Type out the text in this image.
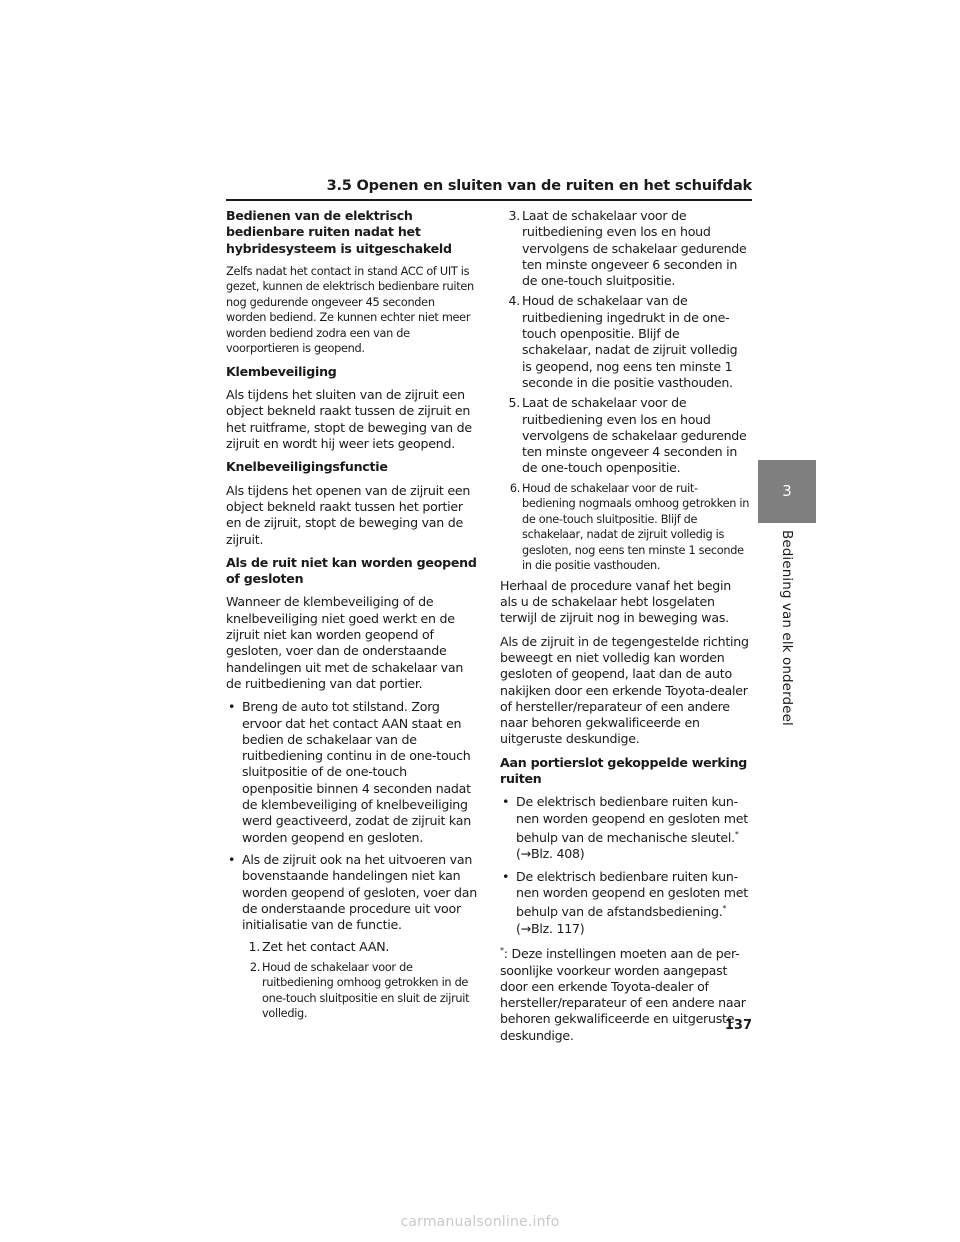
3.5 Openen en sluiten van de ruiten en het schuifdak
Bedienen van de elektrisch bedienbare ruiten nadat het hybridesysteem is uitgeschakeld

Zelfs nadat het contact in stand ACC of UIT is gezet, kunnen de elektrisch bedienbare ruiten nog gedurende ongeveer 45 seconden worden bediend. Ze kunnen echter niet meer worden bediend zodra een van de voorportieren is geopend.

Klembeveiliging

Als tijdens het sluiten van de zijruit een object bekneld raakt tussen de zijruit en het ruitframe, stopt de beweging van de zijruit en wordt hij weer iets geopend.

Knelbeveiligingsfunctie

Als tijdens het openen van de zijruit een object bekneld raakt tussen het portier en de zijruit, stopt de beweging van de zijruit.

Als de ruit niet kan worden geopend of gesloten

Wanneer de klembeveiliging of de knelbeveiliging niet goed werkt en de zijruit niet kan worden geopend of gesloten, voer dan de onderstaande handelingen uit met de schakelaar van de ruitbediening van dat portier.

• Breng de auto tot stilstand. Zorg ervoor dat het contact AAN staat en bedien de schakelaar van de ruitbediening continu in de one-touch sluitpositie of de one-touch openpositie binnen 4 seconden nadat de klembeveiliging of knelbeveiliging werd geactiveerd, zodat de zijruit kan worden geopend en gesloten.
• Als de zijruit ook na het uitvoeren van bovenstaande handelingen niet kan worden geopend of gesloten, voer dan de onderstaande procedure uit voor initialisatie van de functie.
1. Zet het contact AAN.
2. Houd de schakelaar voor de ruitbediening omhoog getrokken in de one-touch sluitpositie en sluit de zijruit volledig.
3. Laat de schakelaar voor de ruitbediening even los en houd vervolgens de schakelaar gedurende ten minste ongeveer 6 seconden in de one-touch sluitpositie.
4. Houd de schakelaar van de ruitbediening ingedrukt in de one-touch openpositie. Blijf de schakelaar, nadat de zijruit volledig is geopend, nog eens ten minste 1 seconde in die positie vasthouden.
5. Laat de schakelaar voor de ruitbediening even los en houd vervolgens de schakelaar gedurende ten minste ongeveer 4 seconden in de one-touch openpositie.
6. Houd de schakelaar voor de ruit-bediening nogmaals omhoog getrokken in de one-touch sluitpositie. Blijf de schakelaar, nadat de zijruit volledig is gesloten, nog eens ten minste 1 seconde in die positie vasthouden.

Herhaal de procedure vanaf het begin als u de schakelaar hebt losgelaten terwijl de zijruit nog in beweging was.

Als de zijruit in de tegengestelde richting beweegt en niet volledig kan worden gesloten of geopend, laat dan de auto nakijken door een erkende Toyota-dealer of hersteller/reparateur of een andere naar behoren gekwalificeerde en uitgeruste deskundige.

Aan portierslot gekoppelde werking ruiten
• De elektrisch bedienbare ruiten kun-nen worden geopend en gesloten met behulp van de mechanische sleutel.*
(→Blz. 408)
• De elektrisch bedienbare ruiten kun-nen worden geopend en gesloten met behulp van de afstandsbediening.*
(→Blz. 117)

*: Deze instellingen moeten aan de per-soonlijke voorkeur worden aangepast door een erkende Toyota-dealer of hersteller/reparateur of een andere naar behoren gekwalificeerde en uitgeruste deskundige.

3
Bediening van elk onderdeel
137
carmanualsonline.info
